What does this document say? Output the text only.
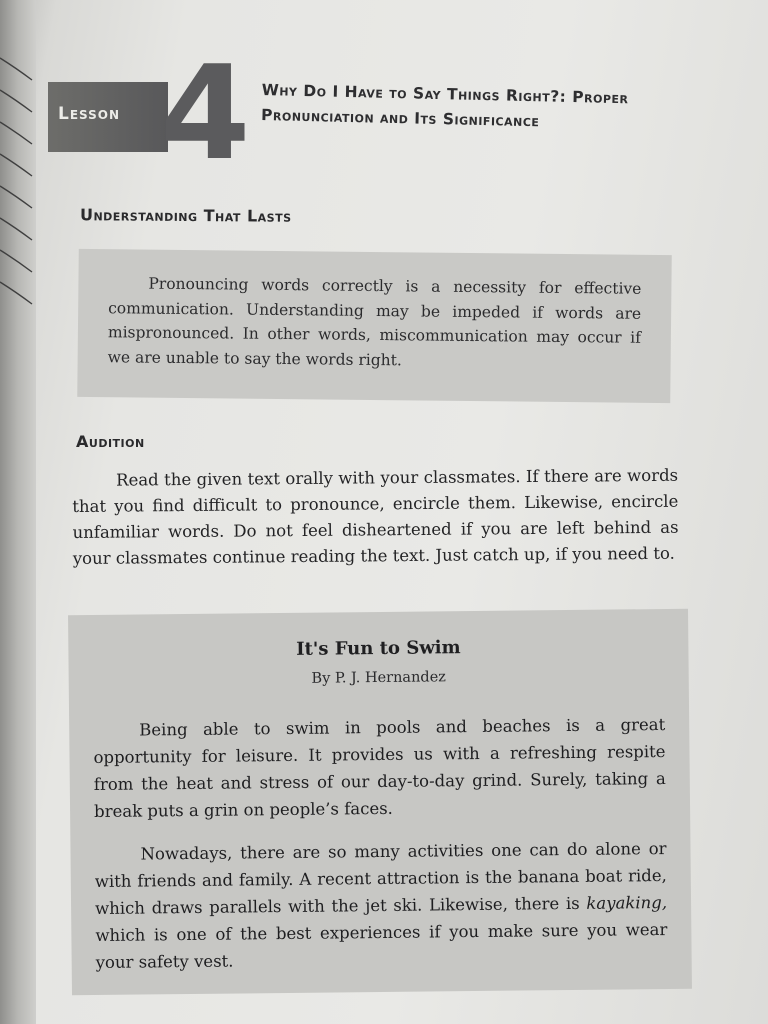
Lesson 4 Why Do I Have to Say Things Right?: Proper Pronunciation and Its Significance
Understanding That Lasts

Pronouncing words correctly is a necessity for effective communication. Understanding may be impeded if words are mispronounced. In other words, miscommunication may occur if we are unable to say the words right.

Audition

Read the given text orally with your classmates. If there are words that you find difficult to pronounce, encircle them. Likewise, encircle unfamiliar words. Do not feel disheartened if you are left behind as your classmates continue reading the text. Just catch up, if you need to.

It's Fun to Swim
By P. J. Hernandez

Being able to swim in pools and beaches is a great opportunity for leisure. It provides us with a refreshing respite from the heat and stress of our day-to-day grind. Surely, taking a break puts a grin on people’s faces.

Nowadays, there are so many activities one can do alone or with friends and family. A recent attraction is the banana boat ride, which draws parallels with the jet ski. Likewise, there is kayaking, which is one of the best experiences if you make sure you wear your safety vest.
